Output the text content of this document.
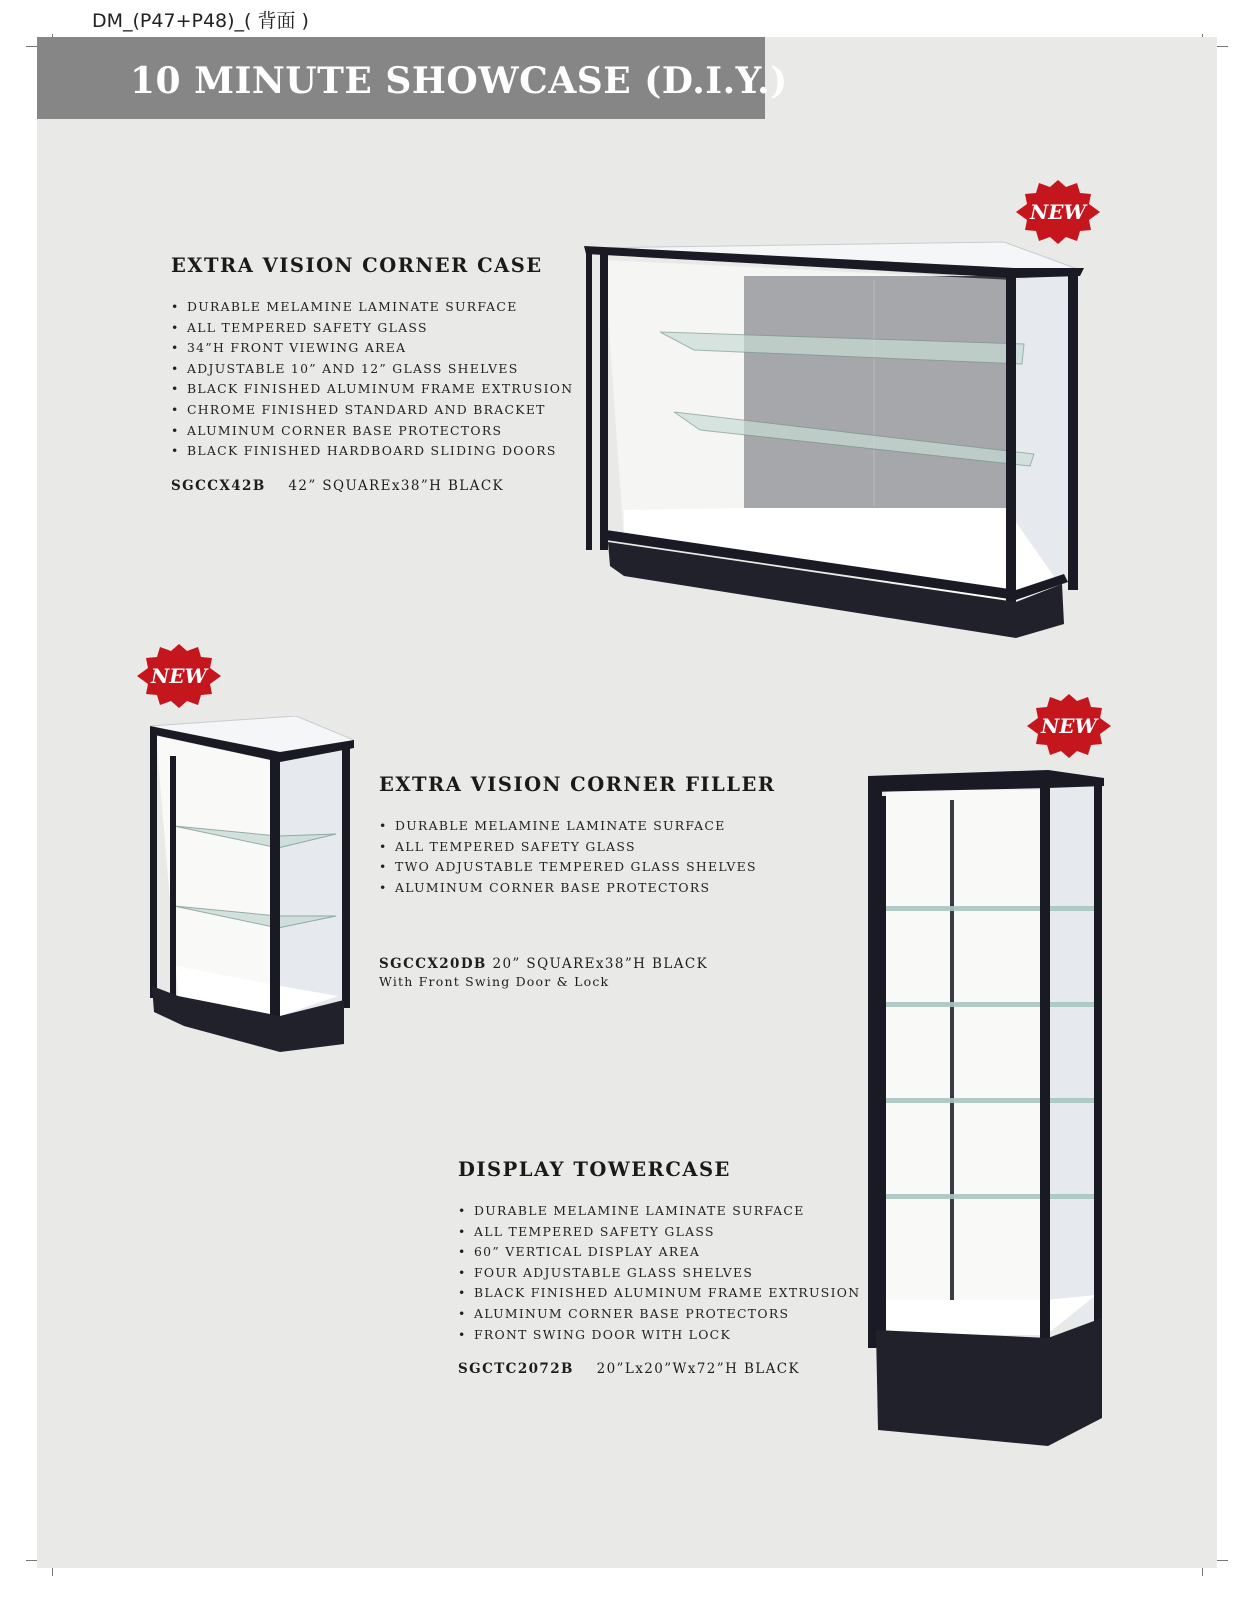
DM_(P47+P48)_( 背面 )
10 MINUTE SHOWCASE (D.I.Y.)
EXTRA VISION CORNER CASE
• DURABLE MELAMINE LAMINATE SURFACE
• ALL TEMPERED SAFETY GLASS
• 34”H FRONT VIEWING AREA
• ADJUSTABLE 10” AND 12” GLASS SHELVES
• BLACK FINISHED ALUMINUM FRAME EXTRUSION
• CHROME FINISHED STANDARD AND BRACKET
• ALUMINUM CORNER BASE PROTECTORS
• BLACK FINISHED HARDBOARD SLIDING DOORS
SGCCX42B 42” SQUAREx38”H BLACK
EXTRA VISION CORNER FILLER
• DURABLE MELAMINE LAMINATE SURFACE
• ALL TEMPERED SAFETY GLASS
• TWO ADJUSTABLE TEMPERED GLASS SHELVES
• ALUMINUM CORNER BASE PROTECTORS
SGCCX20DB 20” SQUAREx38”H BLACK
With Front Swing Door & Lock
DISPLAY TOWERCASE
• DURABLE MELAMINE LAMINATE SURFACE
• ALL TEMPERED SAFETY GLASS
• 60” VERTICAL DISPLAY AREA
• FOUR ADJUSTABLE GLASS SHELVES
• BLACK FINISHED ALUMINUM FRAME EXTRUSION
• ALUMINUM CORNER BASE PROTECTORS
• FRONT SWING DOOR WITH LOCK
SGCTC2072B 20”Lx20”Wx72”H BLACK
NEW
NEW
NEW
